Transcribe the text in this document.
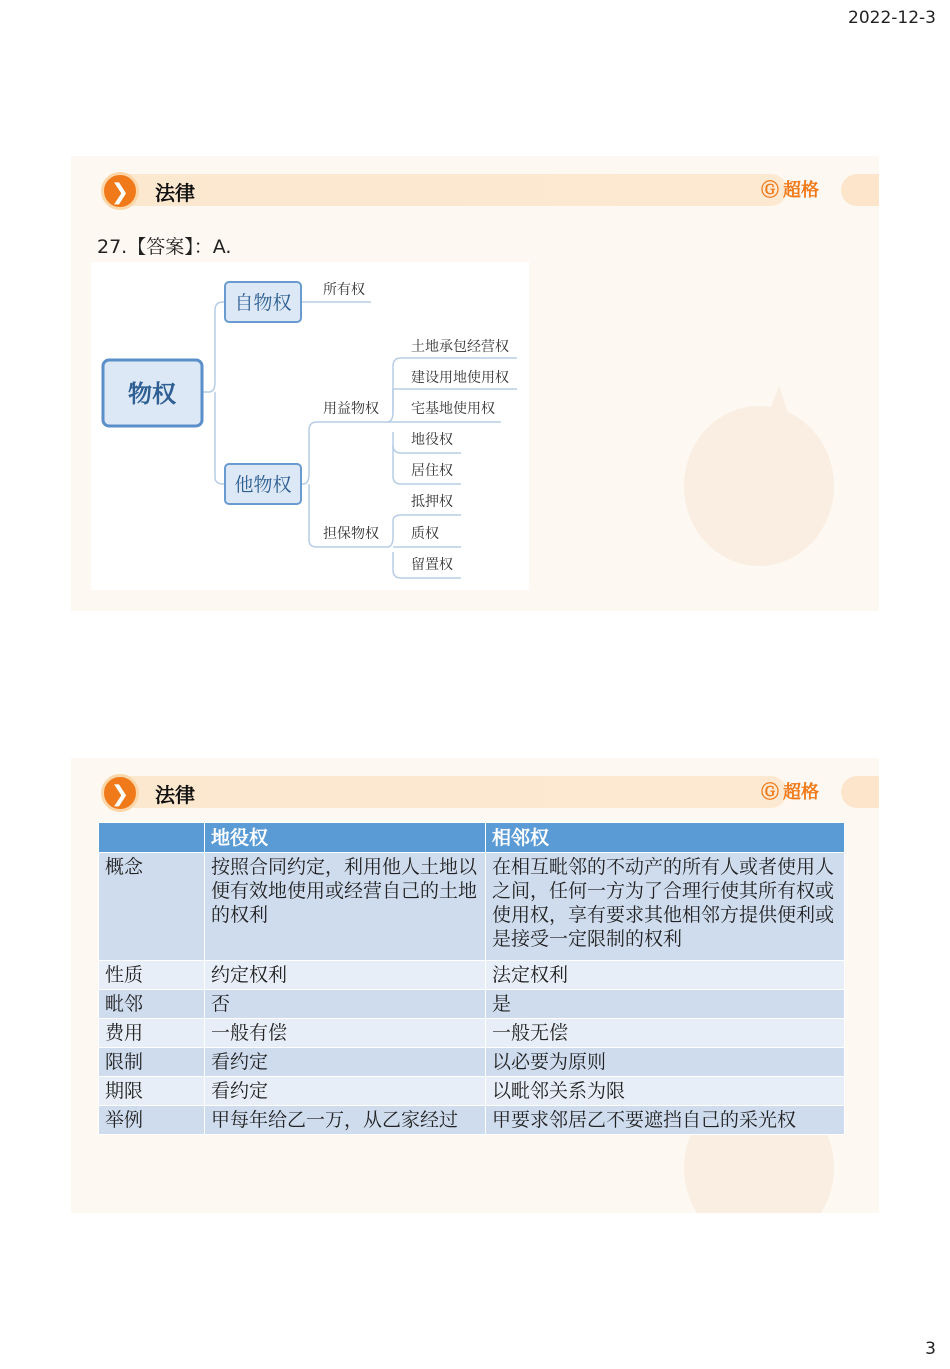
2022-12-3
❯	法律	Ⓖ 超格
27.【答案】：A.
物权
自物权
所有权
他物权
用益物权
担保物权
土地承包经营权
建设用地使用权
宅基地使用权
地役权
居住权
抵押权
质权
留置权
❯	法律	Ⓖ 超格
	地役权	相邻权
概念	按照合同约定，利用他人土地以便有效地使用或经营自己的土地的权利	在相互毗邻的不动产的所有人或者使用人之间，任何一方为了合理行使其所有权或使用权，享有要求其他相邻方提供便利或是接受一定限制的权利
性质	约定权利	法定权利
毗邻	否	是
费用	一般有偿	一般无偿
限制	看约定	以必要为原则
期限	看约定	以毗邻关系为限
举例	甲每年给乙一万，从乙家经过	甲要求邻居乙不要遮挡自己的采光权
3
